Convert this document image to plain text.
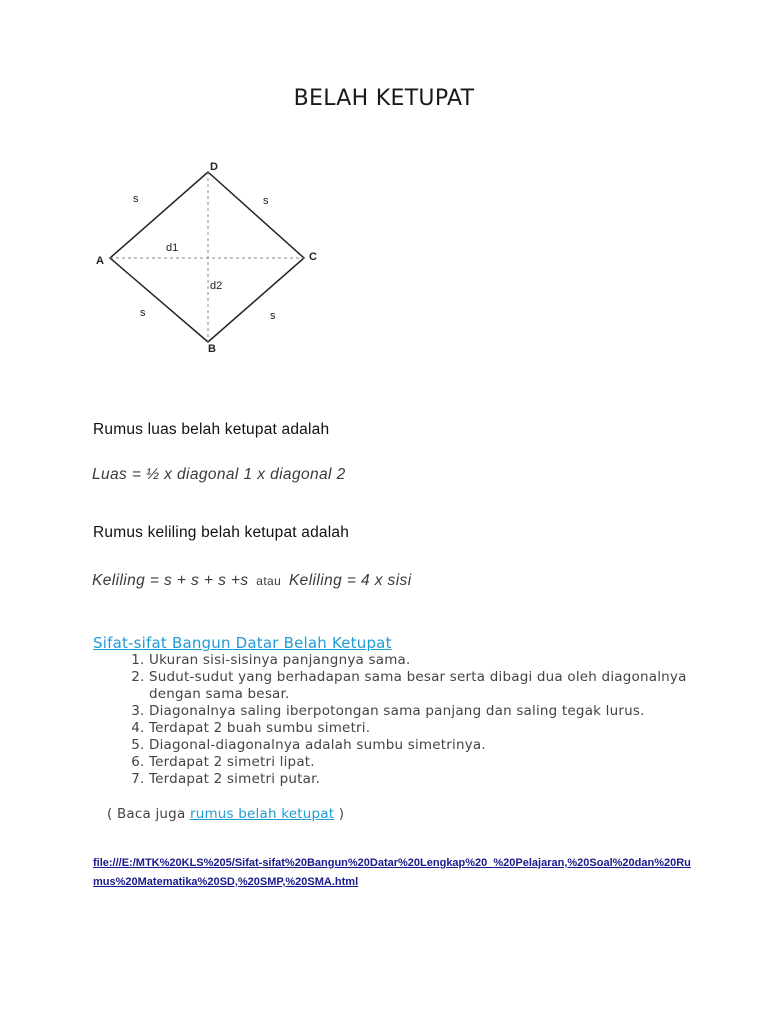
BELAH KETUPAT
D
A	C
B
s	s
s	s
d1
d2
Rumus luas belah ketupat adalah
Luas = ½ x diagonal 1 x diagonal 2
Rumus keliling belah ketupat adalah
Keliling = s + s + s +s atau Keliling = 4 x sisi
Sifat-sifat Bangun Datar Belah Ketupat
1. Ukuran sisi-sisinya panjangnya sama.
2. Sudut-sudut yang berhadapan sama besar serta dibagi dua oleh diagonalnya dengan sama besar.
3. Diagonalnya saling iberpotongan sama panjang dan saling tegak lurus.
4. Terdapat 2 buah sumbu simetri.
5. Diagonal-diagonalnya adalah sumbu simetrinya.
6. Terdapat 2 simetri lipat.
7. Terdapat 2 simetri putar.
( Baca juga rumus belah ketupat )
file:///E:/MTK%20KLS%205/Sifat-sifat%20Bangun%20Datar%20Lengkap%20_%20Pelajaran,%20Soal%20dan%20Rumus%20Matematika%20SD,%20SMP,%20SMA.html
